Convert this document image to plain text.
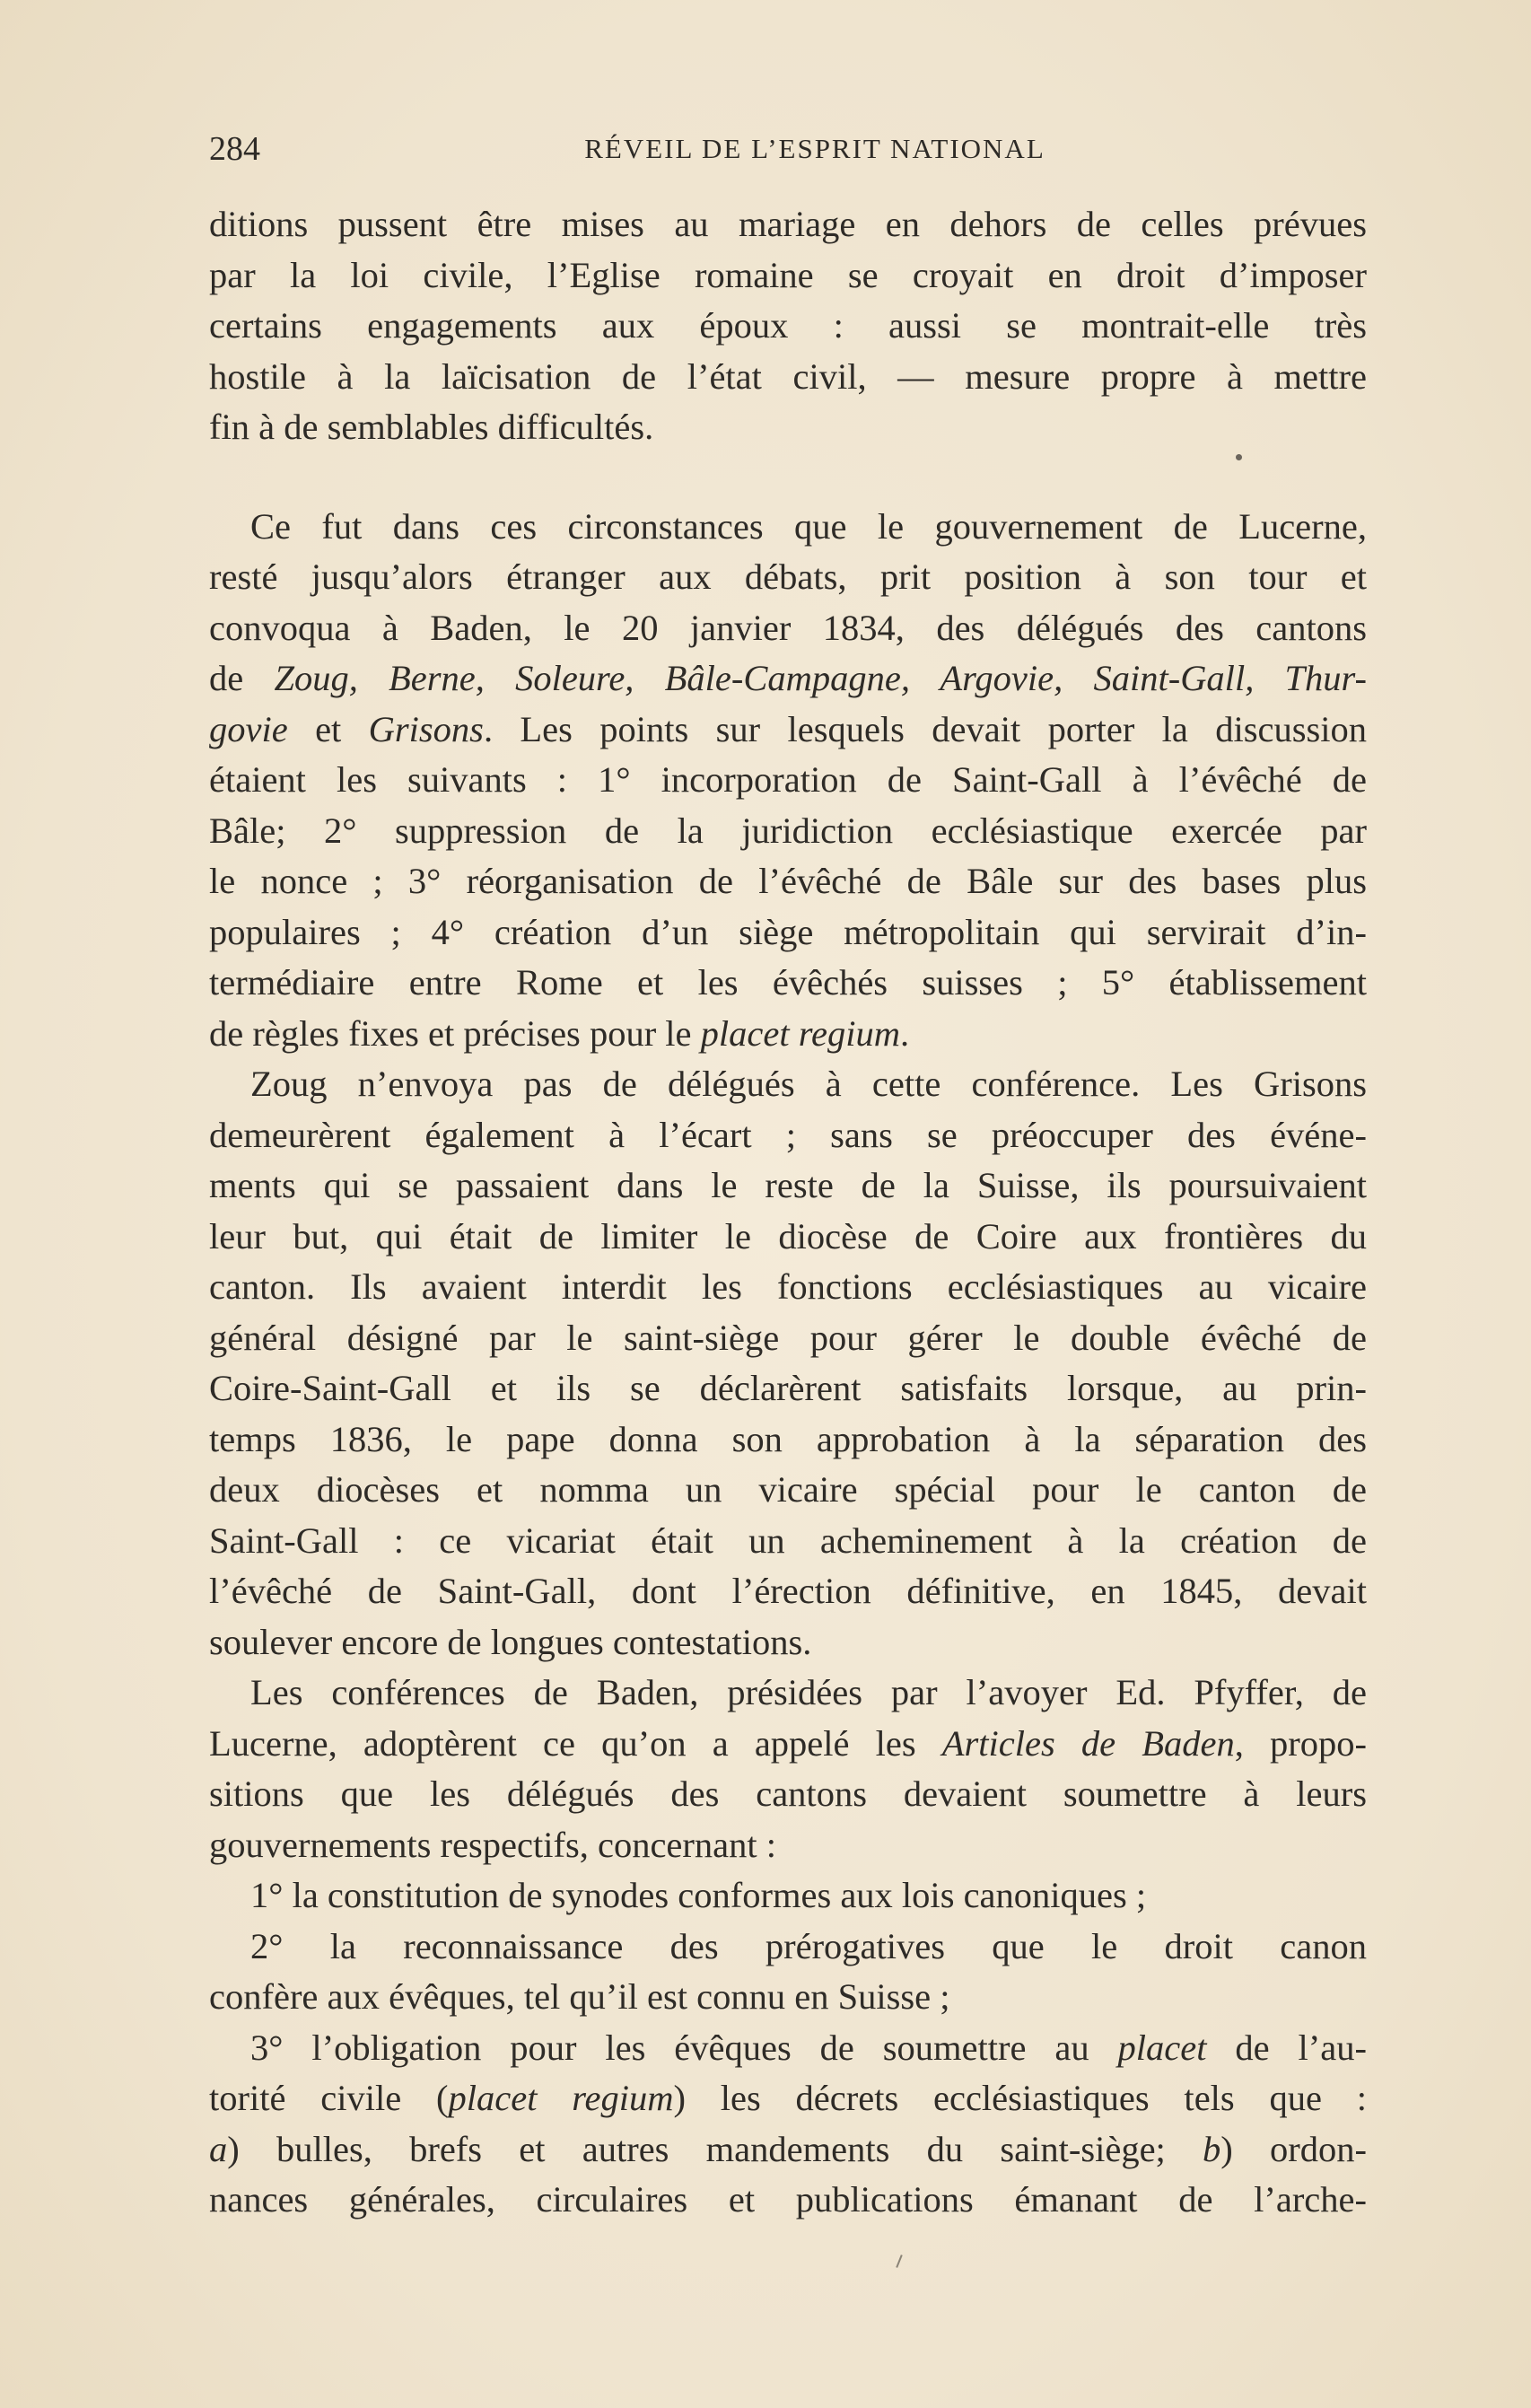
284	RÉVEIL DE L’ESPRIT NATIONAL
ditions pussent être mises au mariage en dehors de celles prévues
par la loi civile, l’Eglise romaine se croyait en droit d’imposer
certains engagements aux époux : aussi se montrait-elle très
hostile à la laïcisation de l’état civil, — mesure propre à mettre
fin à de semblables difficultés.
Ce fut dans ces circonstances que le gouvernement de Lucerne,
resté jusqu’alors étranger aux débats, prit position à son tour et
convoqua à Baden, le 20 janvier 1834, des délégués des cantons
de Zoug, Berne, Soleure, Bâle-Campagne, Argovie, Saint-Gall, Thur-
govie et Grisons. Les points sur lesquels devait porter la discussion
étaient les suivants : 1° incorporation de Saint-Gall à l’évêché de
Bâle; 2° suppression de la juridiction ecclésiastique exercée par
le nonce ; 3° réorganisation de l’évêché de Bâle sur des bases plus
populaires ; 4° création d’un siège métropolitain qui servirait d’in-
termédiaire entre Rome et les évêchés suisses ; 5° établissement
de règles fixes et précises pour le placet regium.
Zoug n’envoya pas de délégués à cette conférence. Les Grisons
demeurèrent également à l’écart ; sans se préoccuper des événe-
ments qui se passaient dans le reste de la Suisse, ils poursuivaient
leur but, qui était de limiter le diocèse de Coire aux frontières du
canton. Ils avaient interdit les fonctions ecclésiastiques au vicaire
général désigné par le saint-siège pour gérer le double évêché de
Coire-Saint-Gall et ils se déclarèrent satisfaits lorsque, au prin-
temps 1836, le pape donna son approbation à la séparation des
deux diocèses et nomma un vicaire spécial pour le canton de
Saint-Gall : ce vicariat était un acheminement à la création de
l’évêché de Saint-Gall, dont l’érection définitive, en 1845, devait
soulever encore de longues contestations.
Les conférences de Baden, présidées par l’avoyer Ed. Pfyffer, de
Lucerne, adoptèrent ce qu’on a appelé les Articles de Baden, propo-
sitions que les délégués des cantons devaient soumettre à leurs
gouvernements respectifs, concernant :
1° la constitution de synodes conformes aux lois canoniques ;
2° la reconnaissance des prérogatives que le droit canon
confère aux évêques, tel qu’il est connu en Suisse ;
3° l’obligation pour les évêques de soumettre au placet de l’au-
torité civile (placet regium) les décrets ecclésiastiques tels que :
a) bulles, brefs et autres mandements du saint-siège; b) ordon-
nances générales, circulaires et publications émanant de l’arche-
